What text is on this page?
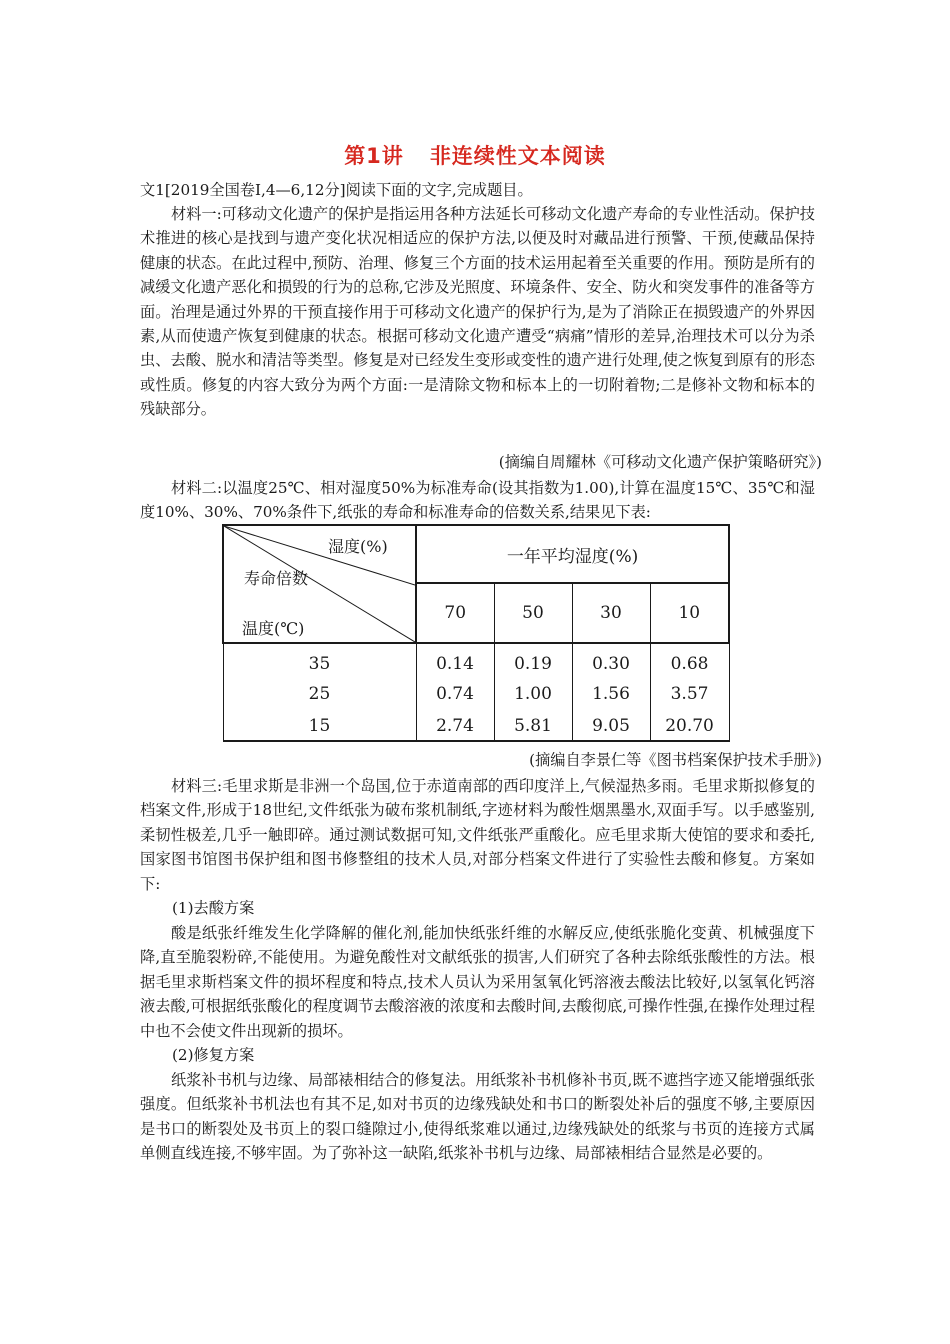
第1讲 非连续性文本阅读
文1[2019全国卷Ⅰ,4—6,12分]阅读下面的文字,完成题目。
材料一:可移动文化遗产的保护是指运用各种方法延长可移动文化遗产寿命的专业性活动。保护技术推进的核心是找到与遗产变化状况相适应的保护方法,以便及时对藏品进行预警、干预,使藏品保持健康的状态。在此过程中,预防、治理、修复三个方面的技术运用起着至关重要的作用。预防是所有的减缓文化遗产恶化和损毁的行为的总称,它涉及光照度、环境条件、安全、防火和突发事件的准备等方面。治理是通过外界的干预直接作用于可移动文化遗产的保护行为,是为了消除正在损毁遗产的外界因素,从而使遗产恢复到健康的状态。根据可移动文化遗产遭受“病痛”情形的差异,治理技术可以分为杀虫、去酸、脱水和清洁等类型。修复是对已经发生变形或变性的遗产进行处理,使之恢复到原有的形态或性质。修复的内容大致分为两个方面:一是清除文物和标本上的一切附着物;二是修补文物和标本的残缺部分。
(摘编自周耀林《可移动文化遗产保护策略研究》)
材料二:以温度25℃、相对湿度50%为标准寿命(设其指数为1.00),计算在温度15℃、35℃和湿度10%、30%、70%条件下,纸张的寿命和标准寿命的倍数关系,结果见下表:
湿度(%)
寿命倍数
温度(℃)	一年平均湿度(%)			
	70	50	30	10
35	0.14	0.19	0.30	0.68
25	0.74	1.00	1.56	3.57
15	2.74	5.81	9.05	20.70
(摘编自李景仁等《图书档案保护技术手册》)
材料三:毛里求斯是非洲一个岛国,位于赤道南部的西印度洋上,气候湿热多雨。毛里求斯拟修复的档案文件,形成于18世纪,文件纸张为破布浆机制纸,字迹材料为酸性烟黑墨水,双面手写。以手感鉴别,柔韧性极差,几乎一触即碎。通过测试数据可知,文件纸张严重酸化。应毛里求斯大使馆的要求和委托,国家图书馆图书保护组和图书修整组的技术人员,对部分档案文件进行了实验性去酸和修复。方案如下:
(1)去酸方案
酸是纸张纤维发生化学降解的催化剂,能加快纸张纤维的水解反应,使纸张脆化变黄、机械强度下降,直至脆裂粉碎,不能使用。为避免酸性对文献纸张的损害,人们研究了各种去除纸张酸性的方法。根据毛里求斯档案文件的损坏程度和特点,技术人员认为采用氢氧化钙溶液去酸法比较好,以氢氧化钙溶液去酸,可根据纸张酸化的程度调节去酸溶液的浓度和去酸时间,去酸彻底,可操作性强,在操作处理过程中也不会使文件出现新的损坏。
(2)修复方案
纸浆补书机与边缘、局部裱相结合的修复法。用纸浆补书机修补书页,既不遮挡字迹又能增强纸张强度。但纸浆补书机法也有其不足,如对书页的边缘残缺处和书口的断裂处补后的强度不够,主要原因是书口的断裂处及书页上的裂口缝隙过小,使得纸浆难以通过,边缘残缺处的纸浆与书页的连接方式属单侧直线连接,不够牢固。为了弥补这一缺陷,纸浆补书机与边缘、局部裱相结合显然是必要的。
